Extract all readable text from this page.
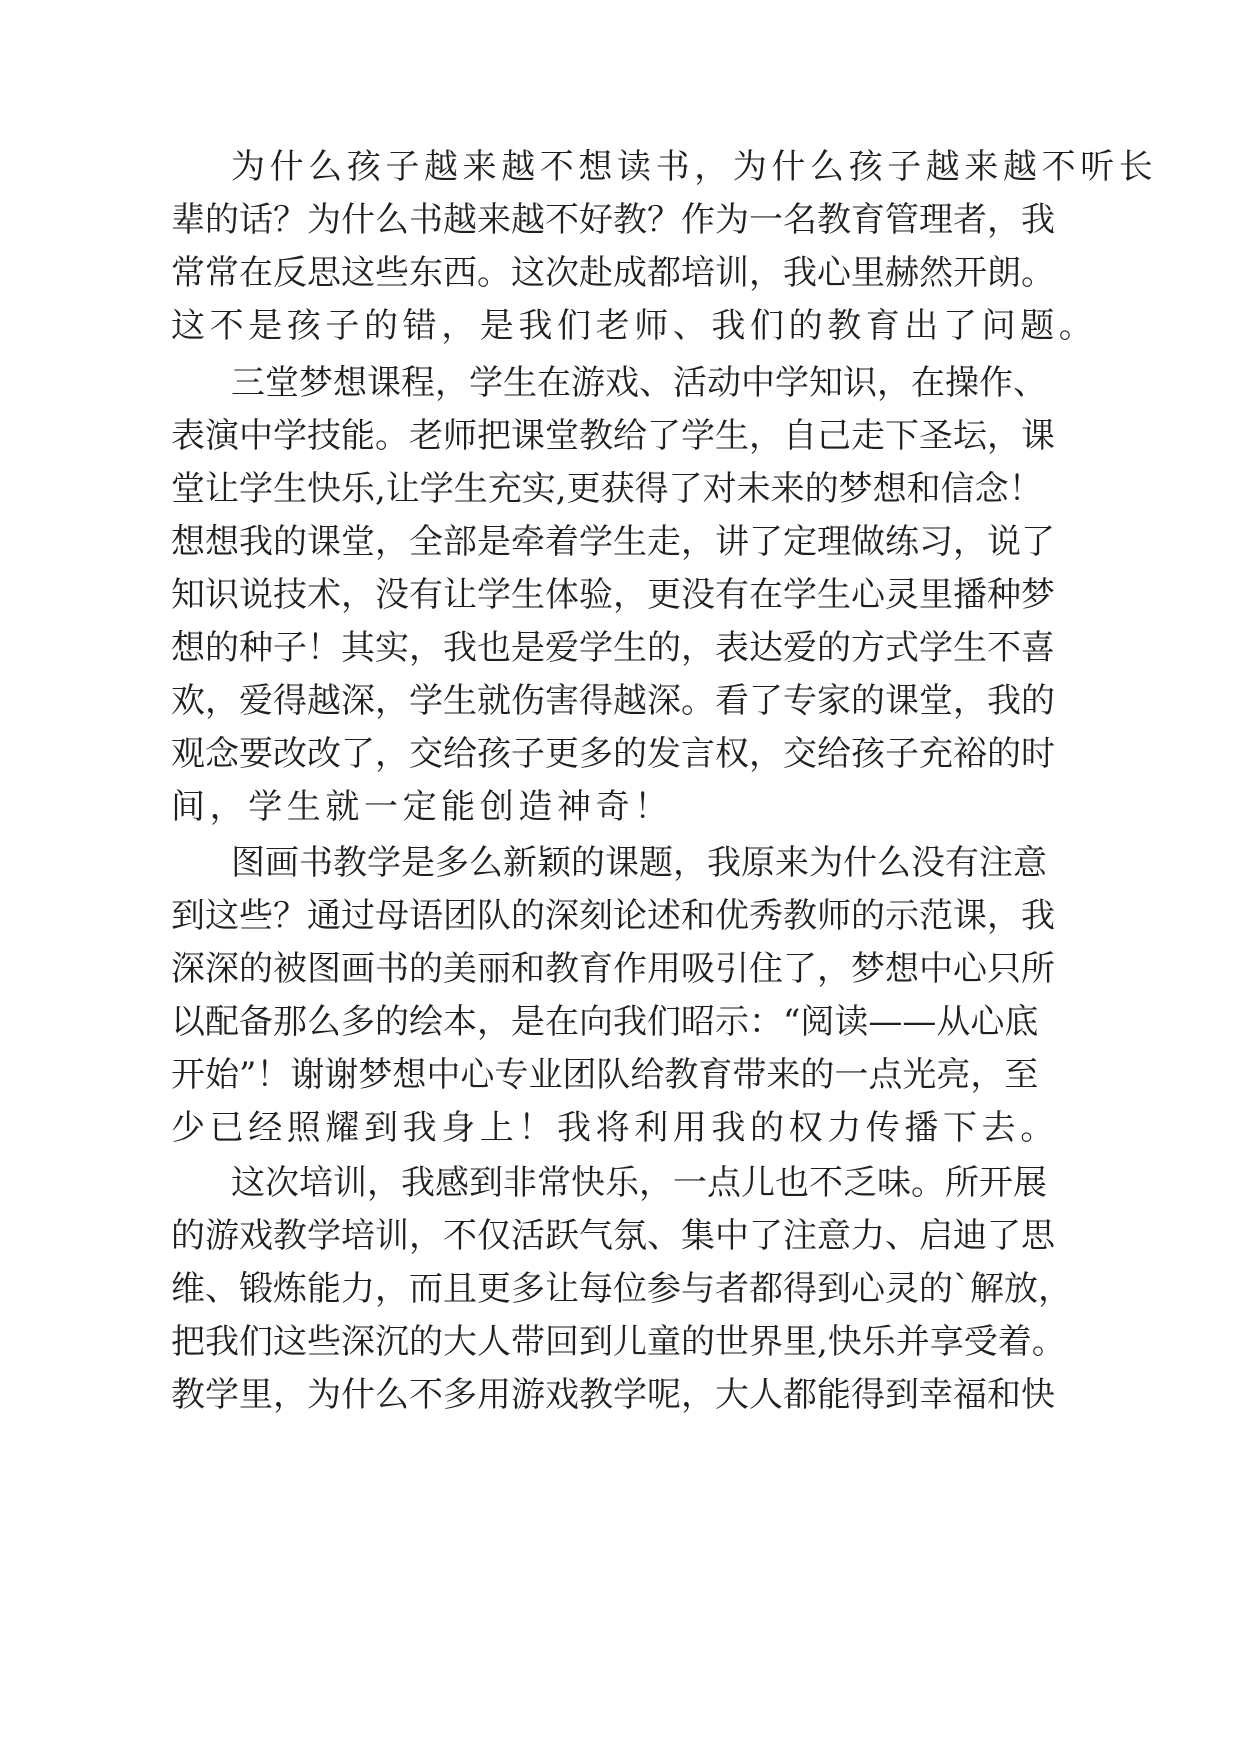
为什么孩子越来越不想读书，为什么孩子越来越不听长
辈的话？为什么书越来越不好教？作为一名教育管理者，我
常常在反思这些东西。这次赴成都培训，我心里赫然开朗。
这不是孩子的错，是我们老师、我们的教育出了问题。
三堂梦想课程，学生在游戏、活动中学知识，在操作、
表演中学技能。老师把课堂教给了学生，自己走下圣坛，课
堂让学生快乐,让学生充实,更获得了对未来的梦想和信念！
想想我的课堂，全部是牵着学生走，讲了定理做练习，说了
知识说技术，没有让学生体验，更没有在学生心灵里播种梦
想的种子！其实，我也是爱学生的，表达爱的方式学生不喜
欢，爱得越深，学生就伤害得越深。看了专家的课堂，我的
观念要改改了，交给孩子更多的发言权，交给孩子充裕的时
间，学生就一定能创造神奇！
图画书教学是多么新颖的课题，我原来为什么没有注意
到这些？通过母语团队的深刻论述和优秀教师的示范课，我
深深的被图画书的美丽和教育作用吸引住了，梦想中心只所
以配备那么多的绘本，是在向我们昭示：“阅读——从心底
开始”！谢谢梦想中心专业团队给教育带来的一点光亮，至
少已经照耀到我身上！我将利用我的权力传播下去。
这次培训，我感到非常快乐，一点儿也不乏味。所开展
的游戏教学培训，不仅活跃气氛、集中了注意力、启迪了思
维、锻炼能力，而且更多让每位参与者都得到心灵的`解放，
把我们这些深沉的大人带回到儿童的世界里,快乐并享受着。
教学里，为什么不多用游戏教学呢，大人都能得到幸福和快
